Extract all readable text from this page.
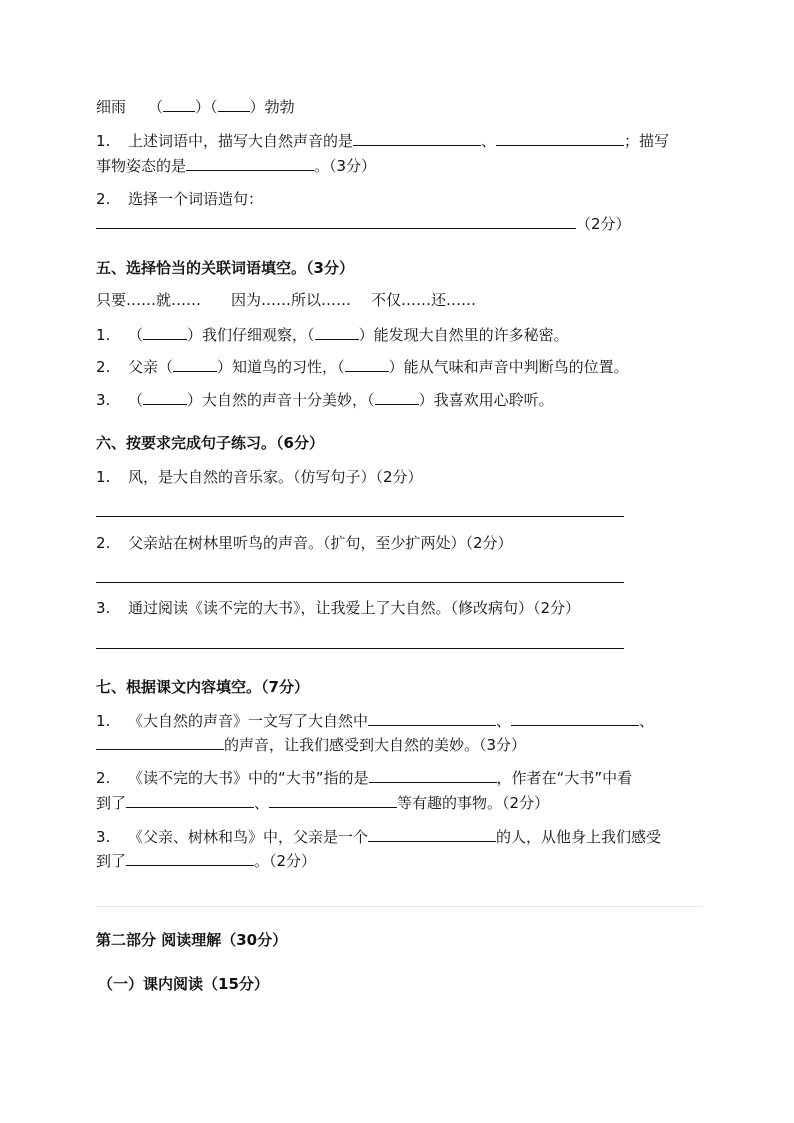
细雨 （ ）（ ）勃勃
1. 上述词语中，描写大自然声音的是	、	；描写
事物姿态的是	。（3分）
2. 选择一个词语造句：
（2分）
五、选择恰当的关联词语填空。（3分）
只要……就…… 因为……所以…… 不仅……还……
1. （	）我们仔细观察，（	）能发现大自然里的许多秘密。
2. 父亲（	）知道鸟的习性，（	）能从气味和声音中判断鸟的位置。
3. （	）大自然的声音十分美妙，（	）我喜欢用心聆听。
六、按要求完成句子练习。（6分）
1. 风，是大自然的音乐家。（仿写句子）（2分）
2. 父亲站在树林里听鸟的声音。（扩句，至少扩两处）（2分）
3. 通过阅读《读不完的大书》，让我爱上了大自然。（修改病句）（2分）
七、根据课文内容填空。（7分）
1. 《大自然的声音》一文写了大自然中	、	、
的声音，让我们感受到大自然的美妙。（3分）
2. 《读不完的大书》中的“大书”指的是	，作者在“大书”中看
到了	、	等有趣的事物。（2分）
3. 《父亲、树林和鸟》中，父亲是一个	的人，从他身上我们感受
到了	。（2分）
第二部分 阅读理解（30分）
（一）课内阅读（15分）
